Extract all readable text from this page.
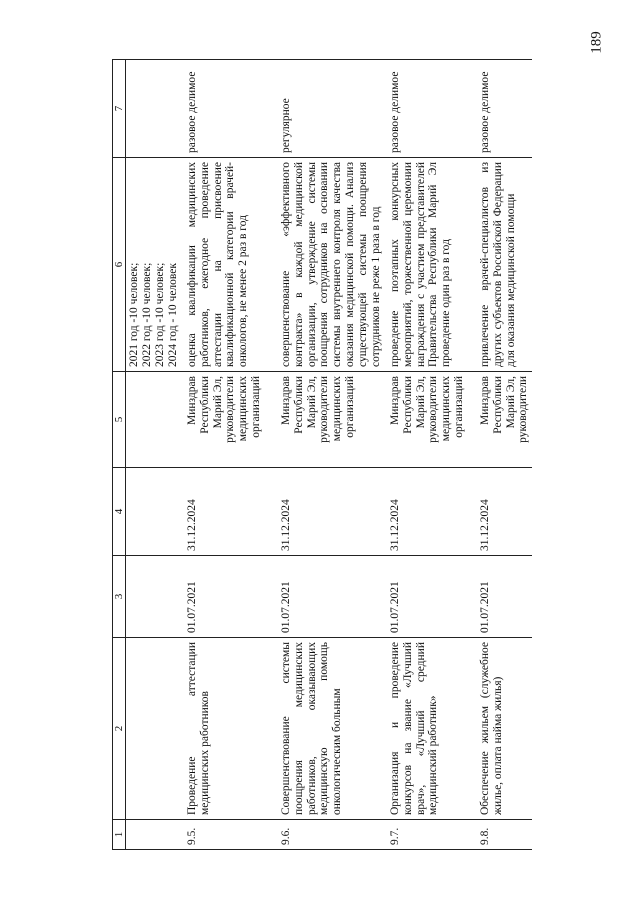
189
1	2	3	4	5	6	7

					2021 год -10 человек; 2022 год -10 человек; 2023 год -10 человек; 2024 год - 10 человек	

9.5.	Проведение аттестации медицинских работников	01.07.2021	31.12.2024	Минздрав Республики Марий Эл, руководители медицинских организаций	оценка квалификации медицинских работников, ежегодное проведение аттестации на присвоение квалификационной категории врачей-онкологов, не менее 2 раз в год	разовое делимое
9.6.	Совершенствование системы поощрения медицинских работников, оказывающих медицинскую помощь онкологическим больным	01.07.2021	31.12.2024	Минздрав Республики Марий Эл, руководители медицинских организаций	совершенствование «эффективного контракта» в каждой медицинской организации, утверждение системы поощрения сотрудников на основании системы внутреннего контроля качества оказания медицинской помощи. Анализ существующей системы поощрения сотрудников не реже 1 раза в год	регулярное
9.7.	Организация и проведение конкурсов на звание «Лучший врач», «Лучший средний медицинский работник»	01.07.2021	31.12.2024	Минздрав Республики Марий Эл, руководители медицинских организаций	проведение поэтапных конкурсных мероприятий, торжественной церемонии награждения с участием представителей Правительства Республики Марий Эл проведение один раз в год	разовое делимое
9.8.	Обеспечение жильем (служебное жилье, оплата найма жилья)	01.07.2021	31.12.2024	Минздрав Республики Марий Эл, руководители	привлечение врачей-специалистов из других субъектов Российской Федерации для оказания медицинской помощи	разовое делимое
